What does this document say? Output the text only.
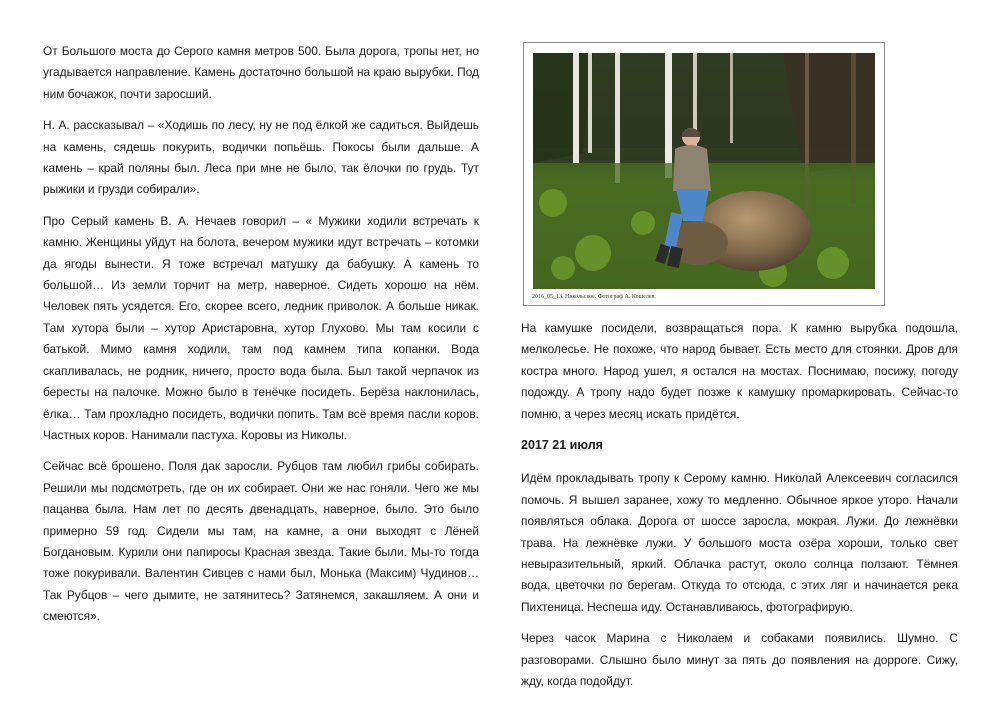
От Большого моста до Серого камня метров 500. Была дорога, тропы нет, но угадывается направление. Камень достаточно большой на краю вырубки. Под ним бочажок, почти заросший.

Н. А. рассказывал – «Ходишь по лесу, ну не под ёлкой же садиться. Выйдешь на камень, сядешь покурить, водички попьёшь. Покосы были дальше. А камень – край поляны был. Леса при мне не было, так ёлочки по грудь. Тут рыжики и грузди собирали».

Про Серый камень В. А. Нечаев говорил – « Мужики ходили встречать к камню. Женщины уйдут на болота, вечером мужики идут встречать – котомки да ягоды вынести. Я тоже встречал матушку да бабушку. А камень то большой… Из земли торчит на метр, наверное. Сидеть хорошо на нём. Человек пять усядется. Его, скорее всего, ледник приволок. А больше никак. Там хутора были – хутор Аристаровна, хутор Глухово. Мы там косили с батькой. Мимо камня ходили, там под камнем типа копанки. Вода скапливалась, не родник, ничего, просто вода была. Был такой черпачок из бересты на палочке. Можно было в тенёчке посидеть. Берёза наклонилась, ёлка… Там прохладно посидеть, водички попить. Там всё время пасли коров. Частных коров. Нанимали пастуха. Коровы из Николы.

Сейчас всё брошено. Поля дак заросли. Рубцов там любил грибы собирать. Решили мы подсмотреть, где он их собирает. Они же нас гоняли. Чего же мы пацанва была. Нам лет по десять двенадцать, наверное, было. Это было примерно 59 год. Сидели мы там, на камне, а они выходят с Лёней Богдановым. Курили они папиросы Красная звезда. Такие были. Мы-то тогда тоже покуривали. Валентин Сивцев с нами был, Монька (Максим) Чудинов… Так Рубцов – чего дымите, не затянитесь? Затянемся, закашляем. А они и смеются».

2016_05_13. Никольское. Фотограф А. Кошелев.

На камушке посидели, возвращаться пора. К камню вырубка подошла, мелколесье. Не похоже, что народ бывает. Есть место для стоянки. Дров для костра много. Народ ушел, я остался на мостах. Поснимаю, посижу, погоду подожду. А тропу надо будет позже к камушку промаркировать. Сейчас-то помню, а через месяц искать придётся.

2017 21 июля

Идём прокладывать тропу к Серому камню. Николай Алексеевич согласился помочь. Я вышел заранее, хожу то медленно. Обычное яркое уторо. Начали появляться облака. Дорога от шоссе заросла, мокрая. Лужи. До лежнёвки трава. На лежнёвке лужи. У большого моста озёра хороши, только свет невыразительный, яркий. Облачка растут, около солнца ползают. Тёмнея вода, цветочки по берегам. Откуда то отсюда, с этих ляг и начинается река Пихтеница. Неспеша иду. Останавливаюсь, фотографирую.

Через часок Марина с Николаем и собаками появились. Шумно. С разговорами. Слышно было минут за пять до появления на дорроге. Сижу, жду, когда подойдут.
